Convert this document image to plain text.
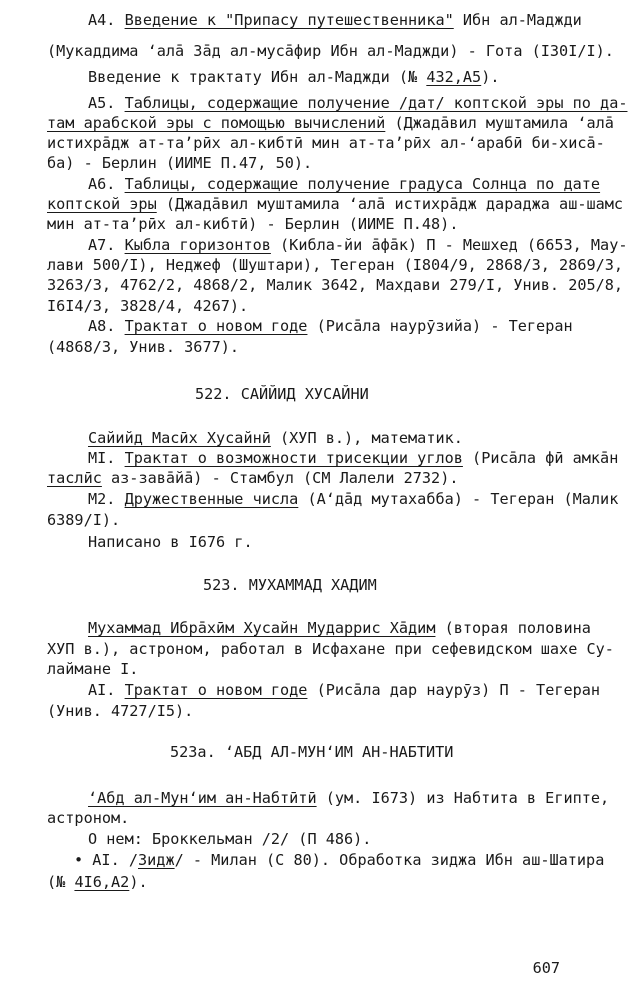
А4. Введение к "Припасу путешественника" Ибн ал-Маджди

(Мукаддима ʻалā Зāд ал-мусāфир Ибн ал-Маджди) - Гота (I30I/I).

Введение к трактату Ибн ал-Маджди (№ 432,А5).

А5. Таблицы, содержащие получение /дат/ коптской эры по да-

там арабской эры с помощью вычислений (Джадāвил муштамила ʻалā

истихрāдж ат-таʼрӣх ал-кибтӣ мин ат-таʼрӣх ал-ʻарабӣ би-хисā-

ба) - Берлин (ИИМЕ П.47, 50).

А6. Таблицы, содержащие получение градуса Солнца по дате

коптской эры (Джадāвил муштамила ʻалā истихрāдж дараджа аш-шамс

мин ат-таʼрӣх ал-кибтӣ) - Берлин (ИИМЕ П.48).

А7. Кыбла горизонтов (Кибла-йи āфāк) П - Мешхед (6653, Мау-

лави 500/I), Неджеф (Шуштари), Тегеран (I804/9, 2868/3, 2869/3,

3263/3, 4762/2, 4868/2, Малик 3642, Махдави 279/I, Унив. 205/8,

I6I4/3, 3828/4, 4267).

А8. Трактат о новом годе (Рисāла наурӯзийа) - Тегеран

(4868/3, Унив. 3677).

522. САЙЙИД ХУСАЙНИ

Сайийд Масӣх Хусайнӣ (ХУП в.), математик.

МI. Трактат о возможности трисекции углов (Рисāла фӣ амкāн

таслӣс аз-завāйā) - Стамбул (СМ Лалели 2732).

М2. Дружественные числа (Аʻдāд мутахабба) - Тегеран (Малик

6389/I).

Написано в I676 г.

523. МУХАММАД ХАДИМ

Мухаммад Ибрāхӣм Хусайн Мударрис Хāдим (вторая половина

ХУП в.), астроном, работал в Исфахане при сефевидском шахе Су-

лаймане I.

АI. Трактат о новом годе (Рисāла дар наурӯз) П - Тегеран

(Унив. 4727/I5).

523а. ʻАБД АЛ-МУНʻИМ АН-НАБТИТИ

ʻАбд ал-Мунʻим ан-Набтӣтӣ (ум. I673) из Набтита в Египте,

астроном.

О нем: Броккельман /2/ (П 486).

• АI. /Зидж/ - Милан (С 80). Обработка зиджа Ибн аш-Шатира

(№ 4I6,А2).

607
